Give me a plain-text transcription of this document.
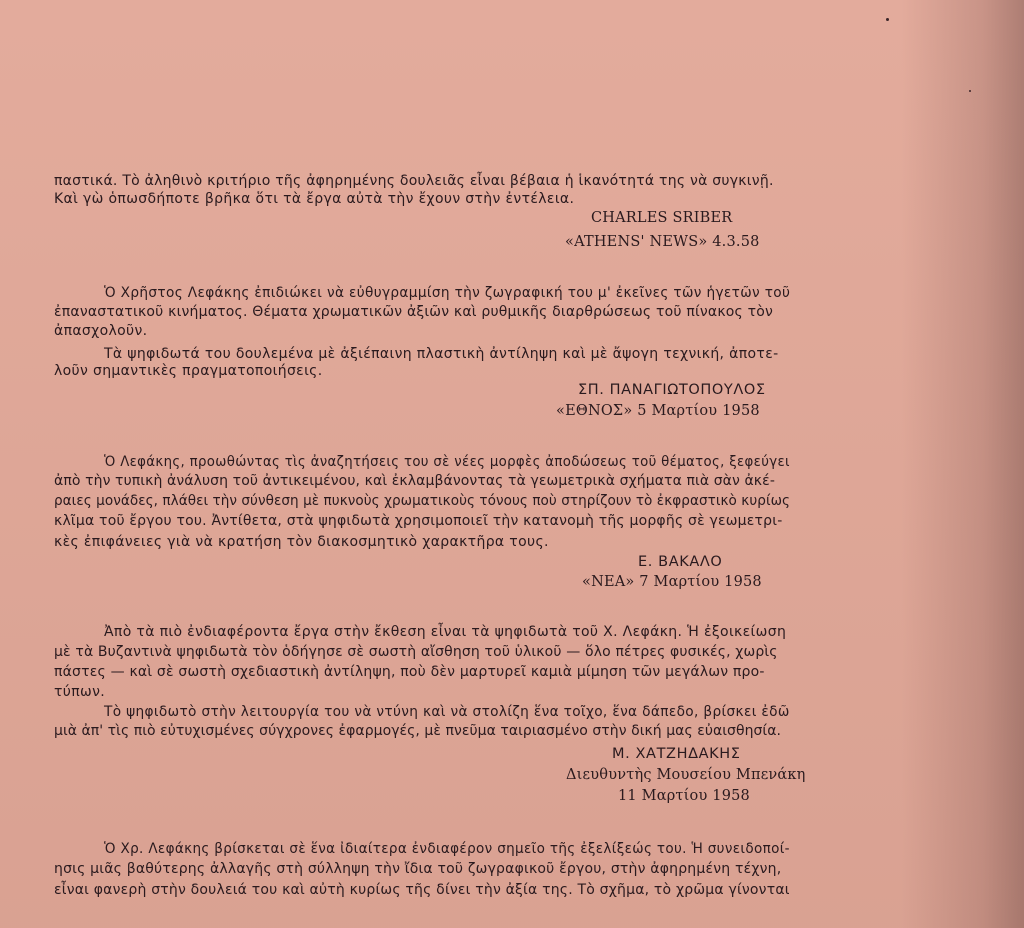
παστικά. Τὸ ἀληθινὸ κριτήριο τῆς ἀφηρημένης δουλειᾶς εἶναι βέβαια ἡ ἱκανότητά της νὰ συγκινῇ.
Καὶ γὼ ὁπωσδήποτε βρῆκα ὅτι τὰ ἔργα αὐτὰ τὴν ἔχουν στὴν ἐντέλεια.
CHARLES SRIBER
«ATHENS' NEWS» 4.3.58
Ὁ Χρῆστος Λεφάκης ἐπιδιώκει νὰ εὐθυγραμμίση τὴν ζωγραφική του μ' ἐκεῖνες τῶν ἡγετῶν τοῦ
ἐπαναστατικοῦ κινήματος. Θέματα χρωματικῶν ἀξιῶν καὶ ρυθμικῆς διαρθρώσεως τοῦ πίνακος τὸν
ἀπασχολοῦν.
Τὰ ψηφιδωτά του δουλεμένα μὲ ἀξιέπαινη πλαστικὴ ἀντίληψη καὶ μὲ ἄψογη τεχνική, ἀποτε-
λοῦν σημαντικὲς πραγματοποιήσεις.
ΣΠ. ΠΑΝΑΓΙΩΤΟΠΟΥΛΟΣ
«ΕΘΝΟΣ» 5 Μαρτίου 1958
Ὁ Λεφάκης, προωθώντας τὶς ἀναζητήσεις του σὲ νέες μορφὲς ἀποδώσεως τοῦ θέματος, ξεφεύγει
ἀπὸ τὴν τυπικὴ ἀνάλυση τοῦ ἀντικειμένου, καὶ ἐκλαμβάνοντας τὰ γεωμετρικὰ σχήματα πιὰ σὰν ἀκέ-
ραιες μονάδες, πλάθει τὴν σύνθεση μὲ πυκνοὺς χρωματικοὺς τόνους ποὺ στηρίζουν τὸ ἐκφραστικὸ κυρίως
κλῖμα τοῦ ἔργου του. Ἀντίθετα, στὰ ψηφιδωτὰ χρησιμοποιεῖ τὴν κατανομὴ τῆς μορφῆς σὲ γεωμετρι-
κὲς ἐπιφάνειες γιὰ νὰ κρατήση τὸν διακοσμητικὸ χαρακτῆρα τους.
Ε. ΒΑΚΑΛΟ
«ΝΕΑ» 7 Μαρτίου 1958
Ἀπὸ τὰ πιὸ ἐνδιαφέροντα ἔργα στὴν ἔκθεση εἶναι τὰ ψηφιδωτὰ τοῦ Χ. Λεφάκη. Ἡ ἐξοικείωση
μὲ τὰ Βυζαντινὰ ψηφιδωτὰ τὸν ὁδήγησε σὲ σωστὴ αἴσθηση τοῦ ὑλικοῦ — ὅλο πέτρες φυσικές, χωρὶς
πάστες — καὶ σὲ σωστὴ σχεδιαστικὴ ἀντίληψη, ποὺ δὲν μαρτυρεῖ καμιὰ μίμηση τῶν μεγάλων προ-
τύπων.
Τὸ ψηφιδωτὸ στὴν λειτουργία του νὰ ντύνη καὶ νὰ στολίζη ἕνα τοῖχο, ἕνα δάπεδο, βρίσκει ἐδῶ
μιὰ ἀπ' τὶς πιὸ εὐτυχισμένες σύγχρονες ἐφαρμογές, μὲ πνεῦμα ταιριασμένο στὴν δική μας εὐαισθησία.
Μ. ΧΑΤΖΗΔΑΚΗΣ
Διευθυντὴς Μουσείου Μπενάκη
11 Μαρτίου 1958
Ὁ Χρ. Λεφάκης βρίσκεται σὲ ἕνα ἰδιαίτερα ἐνδιαφέρον σημεῖο τῆς ἐξελίξεώς του. Ἡ συνειδοποί-
ησις μιᾶς βαθύτερης ἀλλαγῆς στὴ σύλληψη τὴν ἴδια τοῦ ζωγραφικοῦ ἔργου, στὴν ἀφηρημένη τέχνη,
εἶναι φανερὴ στὴν δουλειά του καὶ αὐτὴ κυρίως τῆς δίνει τὴν ἀξία της. Τὸ σχῆμα, τὸ χρῶμα γίνονται
